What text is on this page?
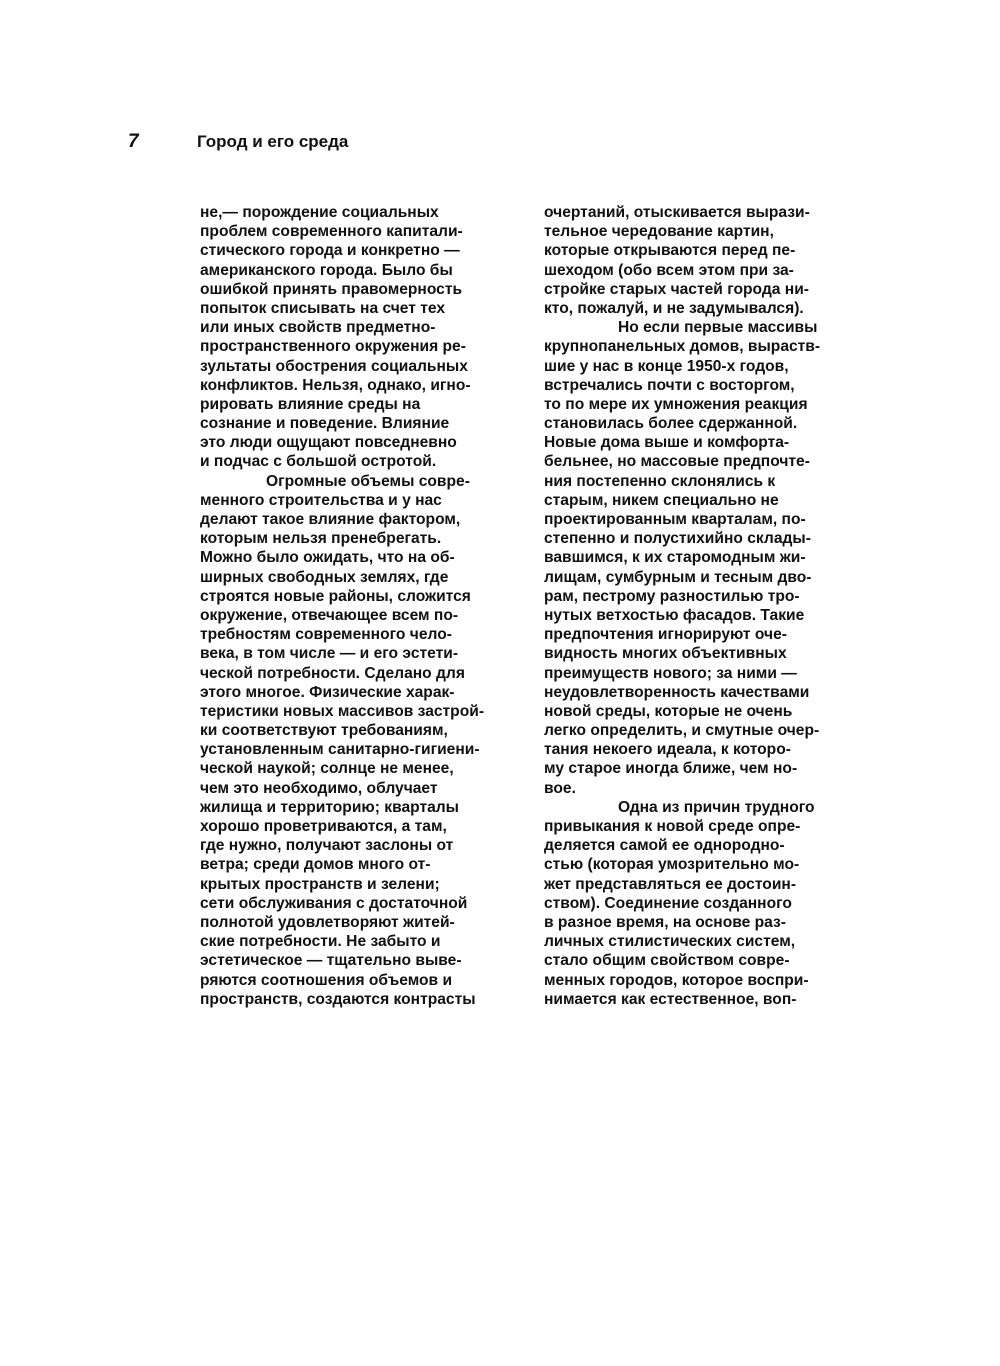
7	Город и его среда

не,— порождение социальных
проблем современного капитали-
стического города и конкретно —
американского города. Было бы
ошибкой принять правомерность
попыток списывать на счет тех
или иных свойств предметно-
пространственного окружения ре-
зультаты обострения социальных
конфликтов. Нельзя, однако, игно-
рировать влияние среды на
сознание и поведение. Влияние
это люди ощущают повседневно
и подчас с большой остротой.
Огромные объемы совре-
менного строительства и у нас
делают такое влияние фактором,
которым нельзя пренебрегать.
Можно было ожидать, что на об-
ширных свободных землях, где
строятся новые районы, сложится
окружение, отвечающее всем по-
требностям современного чело-
века, в том числе — и его эстети-
ческой потребности. Сделано для
этого многое. Физические харак-
теристики новых массивов застрой-
ки соответствуют требованиям,
установленным санитарно-гигиени-
ческой наукой; солнце не менее,
чем это необходимо, облучает
жилища и территорию; кварталы
хорошо проветриваются, а там,
где нужно, получают заслоны от
ветра; среди домов много от-
крытых пространств и зелени;
сети обслуживания с достаточной
полнотой удовлетворяют житей-
ские потребности. Не забыто и
эстетическое — тщательно выве-
ряются соотношения объемов и
пространств, создаются контрасты
очертаний, отыскивается вырази-
тельное чередование картин,
которые открываются перед пе-
шеходом (обо всем этом при за-
стройке старых частей города ни-
кто, пожалуй, и не задумывался).
Но если первые массивы
крупнопанельных домов, выраств-
шие у нас в конце 1950-х годов,
встречались почти с восторгом,
то по мере их умножения реакция
становилась более сдержанной.
Новые дома выше и комфорта-
бельнее, но массовые предпочте-
ния постепенно склонялись к
старым, никем специально не
проектированным кварталам, по-
степенно и полустихийно склады-
вавшимся, к их старомодным жи-
лищам, сумбурным и тесным дво-
рам, пестрому разностилью тро-
нутых ветхостью фасадов. Такие
предпочтения игнорируют оче-
видность многих объективных
преимуществ нового; за ними —
неудовлетворенность качествами
новой среды, которые не очень
легко определить, и смутные очер-
тания некоего идеала, к которо-
му старое иногда ближе, чем но-
вое.
Одна из причин трудного
привыкания к новой среде опре-
деляется самой ее однородно-
стью (которая умозрительно мо-
жет представляться ее достоин-
ством). Соединение созданного
в разное время, на основе раз-
личных стилистических систем,
стало общим свойством совре-
менных городов, которое воспри-
нимается как естественное, воп-
